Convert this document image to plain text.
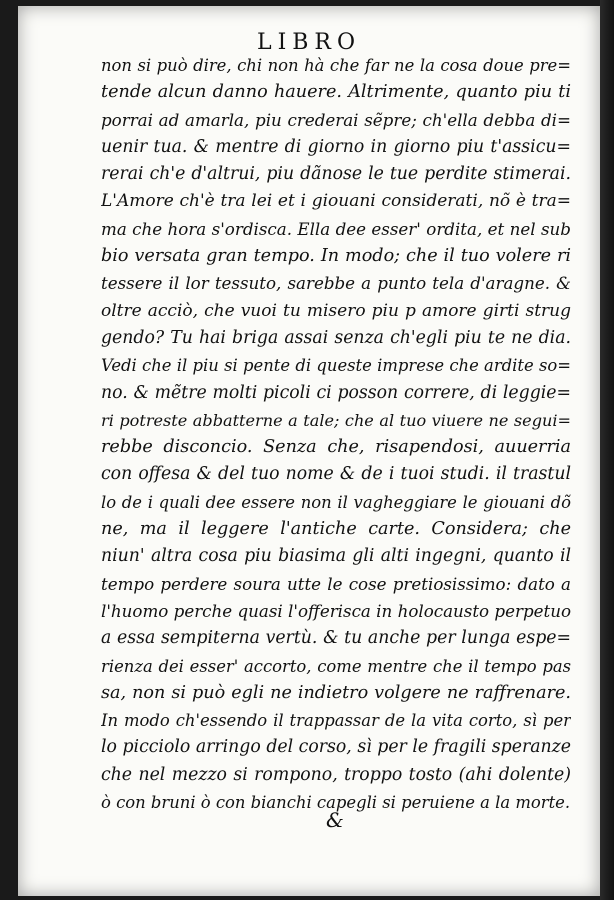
LIBRO
non si può dire, chi non hà che far ne la cosa doue pre=
tende alcun danno hauere. Altrimente, quanto piu ti
porrai ad amarla, piu crederai sẽpre; ch'ella debba di=
uenir tua. & mentre di giorno in giorno piu t'assicu=
rerai ch'e d'altrui, piu dãnose le tue perdite stimerai.
L'Amore ch'è tra lei et i giouani considerati, nõ è tra=
ma che hora s'ordisca. Ella dee esser' ordita, et nel sub
bio versata gran tempo. In modo; che il tuo volere ri
tessere il lor tessuto, sarebbe a punto tela d'aragne. &
oltre acciò, che vuoi tu misero piu p amore girti strug
gendo? Tu hai briga assai senza ch'egli piu te ne dia.
Vedi che il piu si pente di queste imprese che ardite so=
no. & mẽtre molti picoli ci posson correre, di leggie=
ri potreste abbatterne a tale; che al tuo viuere ne segui=
rebbe disconcio. Senza che, risapendosi, auuerria
con offesa & del tuo nome & de i tuoi studi. il trastul
lo de i quali dee essere non il vagheggiare le giouani dõ
ne, ma il leggere l'antiche carte. Considera; che
niun' altra cosa piu biasima gli alti ingegni, quanto il
tempo perdere soura utte le cose pretiosissimo: dato a
l'huomo perche quasi l'offerisca in holocausto perpetuo
a essa sempiterna vertù. & tu anche per lunga espe=
rienza dei esser' accorto, come mentre che il tempo pas
sa, non si può egli ne indietro volgere ne raffrenare.
In modo ch'essendo il trappassar de la vita corto, sì per
lo picciolo arringo del corso, sì per le fragili speranze
che nel mezzo si rompono, troppo tosto (ahi dolente)
ò con bruni ò con bianchi capegli si peruiene a la morte.
&
